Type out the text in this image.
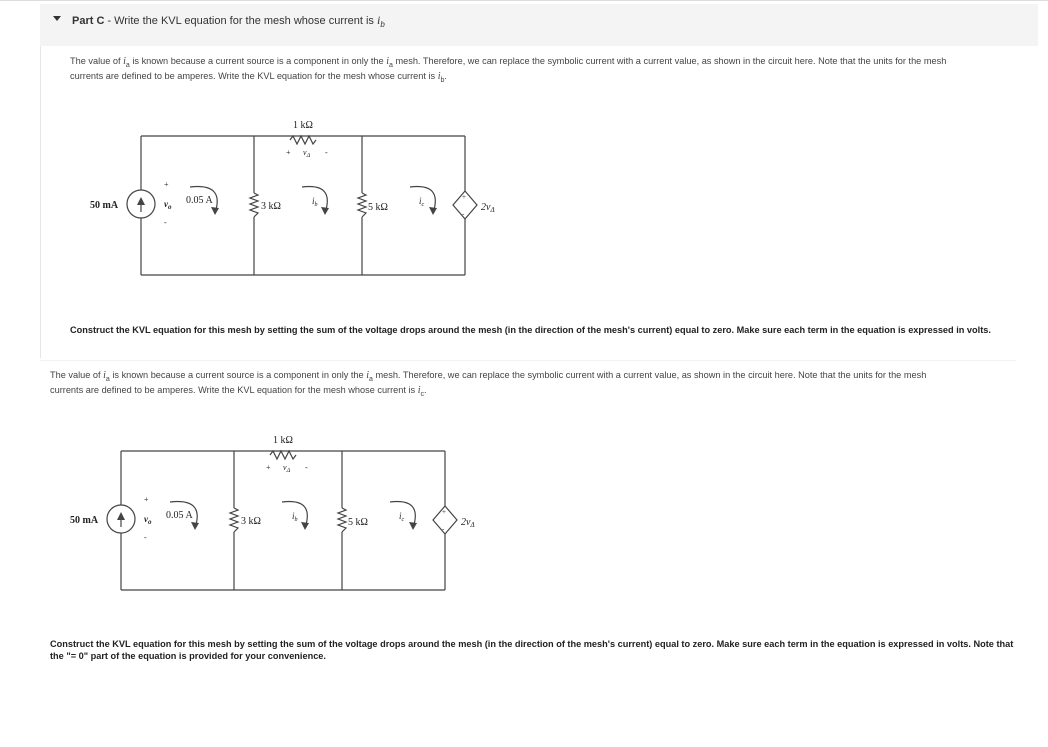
Part C - Write the KVL equation for the mesh whose current is $i_b$
The value of $i_a$ is known because a current source is a component in only the $i_a$ mesh. Therefore, we can replace the symbolic current with a current value, as shown in the circuit here. Note that the units for the mesh
currents are defined to be amperes. Write the KVL equation for the mesh whose current is $i_b$.
50 mA
+
$v_o$
-
0.05 A
3 kΩ
1 kΩ
+ $v_\Delta$ -
$i_b$	5 kΩ
$i_c$
+
-
$2v_\Delta$
Construct the KVL equation for this mesh by setting the sum of the voltage drops around the mesh (in the direction of the mesh's current) equal to zero. Make sure each term in the equation is expressed in volts.
The value of $i_a$ is known because a current source is a component in only the $i_a$ mesh. Therefore, we can replace the symbolic current with a current value, as shown in the circuit here. Note that the units for the mesh
currents are defined to be amperes. Write the KVL equation for the mesh whose current is $i_c$.
50 mA
+
$v_o$
-
0.05 A
3 kΩ
1 kΩ
+ $v_\Delta$ -
$i_b$	5 kΩ
$i_c$
+
-
$2v_\Delta$
Construct the KVL equation for this mesh by setting the sum of the voltage drops around the mesh (in the direction of the mesh's current) equal to zero. Make sure each term in the equation is expressed in volts. Note that the "= 0" part of the equation is provided for your convenience.
